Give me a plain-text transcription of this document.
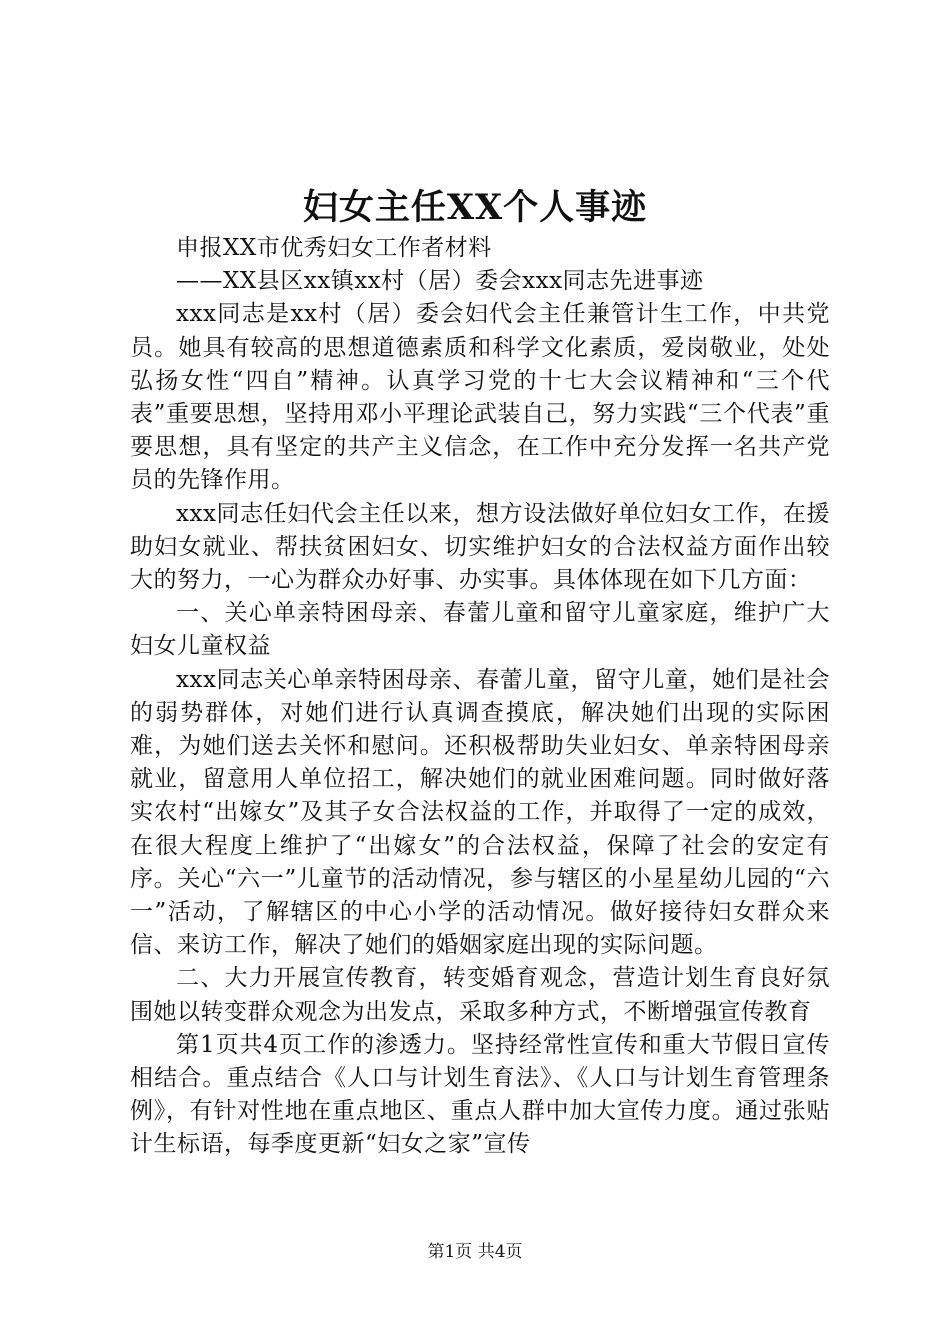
妇女主任XX个人事迹

申报XX市优秀妇女工作者材料

——XX县区xx镇xx村（居）委会xxx同志先进事迹

xxx同志是xx村（居）委会妇代会主任兼管计生工作，中共党员。她具有较高的思想道德素质和科学文化素质，爱岗敬业，处处弘扬女性“四自”精神。认真学习党的十七大会议精神和“三个代表”重要思想，坚持用邓小平理论武装自己，努力实践“三个代表”重要思想，具有坚定的共产主义信念，在工作中充分发挥一名共产党员的先锋作用。

xxx同志任妇代会主任以来，想方设法做好单位妇女工作，在援助妇女就业、帮扶贫困妇女、切实维护妇女的合法权益方面作出较大的努力，一心为群众办好事、办实事。具体体现在如下几方面：

一、关心单亲特困母亲、春蕾儿童和留守儿童家庭，维护广大妇女儿童权益

xxx同志关心单亲特困母亲、春蕾儿童，留守儿童，她们是社会的弱势群体，对她们进行认真调查摸底，解决她们出现的实际困难，为她们送去关怀和慰问。还积极帮助失业妇女、单亲特困母亲就业，留意用人单位招工，解决她们的就业困难问题。同时做好落实农村“出嫁女”及其子女合法权益的工作，并取得了一定的成效，在很大程度上维护了“出嫁女”的合法权益，保障了社会的安定有序。关心“六一”儿童节的活动情况，参与辖区的小星星幼儿园的“六一”活动，了解辖区的中心小学的活动情况。做好接待妇女群众来信、来访工作，解决了她们的婚姻家庭出现的实际问题。

二、大力开展宣传教育，转变婚育观念，营造计划生育良好氛围她以转变群众观念为出发点，采取多种方式，不断增强宣传教育

第1页共4页工作的渗透力。坚持经常性宣传和重大节假日宣传相结合。重点结合《人口与计划生育法》、《人口与计划生育管理条例》，有针对性地在重点地区、重点人群中加大宣传力度。通过张贴计生标语，每季度更新“妇女之家”宣传

第1页 共4页
